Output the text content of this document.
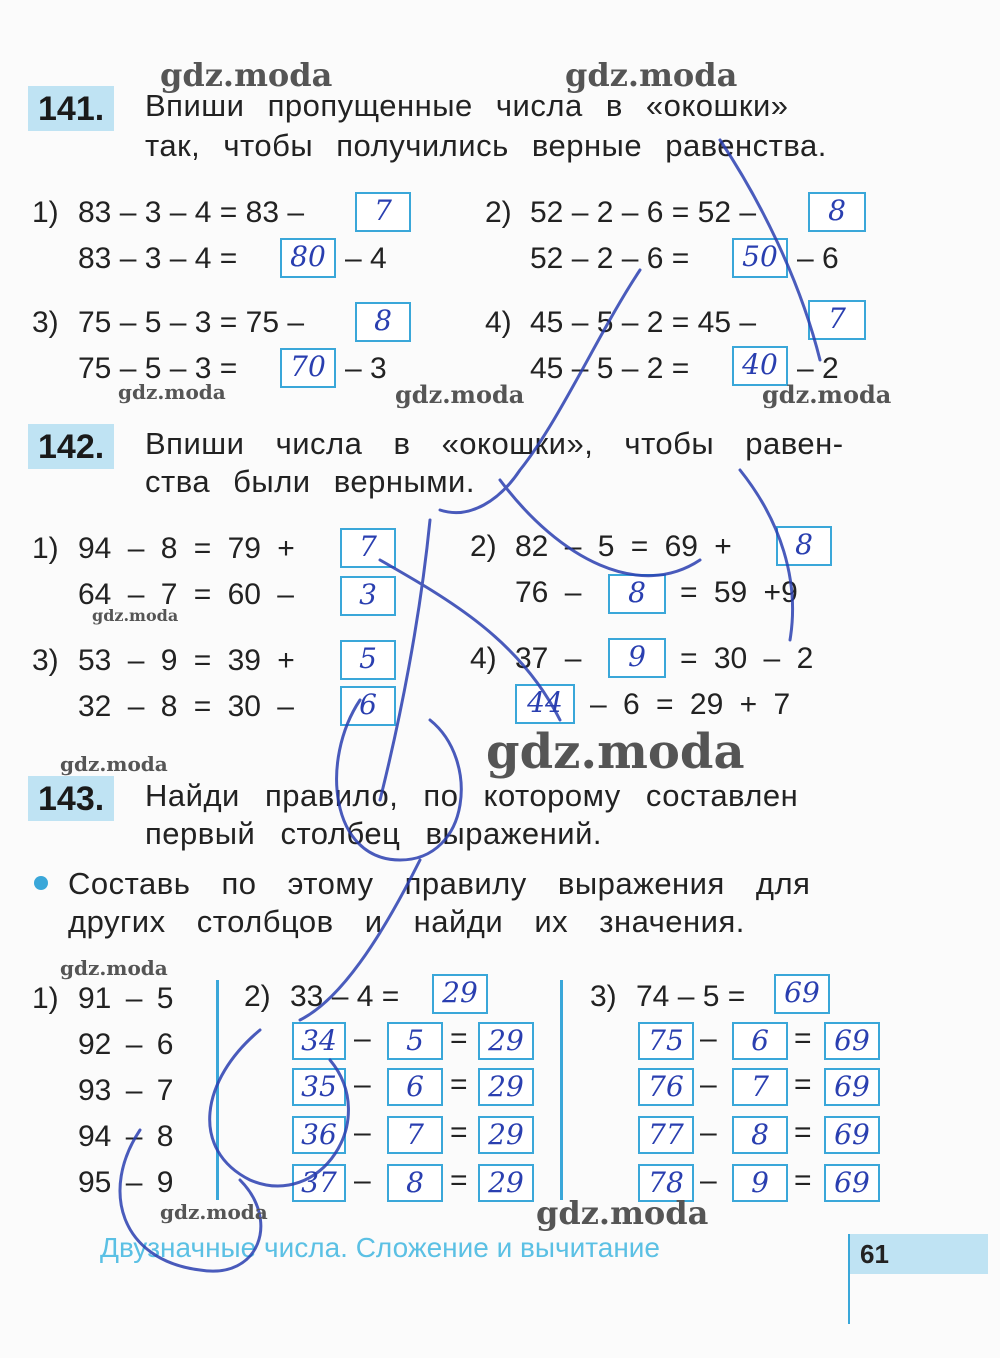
141.	Впиши пропущенные числа в «окошки»
так, чтобы получились верные равенства.
1) 83 – 3 – 4 = 83 –	7
83 – 3 – 4 =	80 – 4
2) 52 – 2 – 6 = 52 –	8
52 – 2 – 6 =	50 – 6
3) 75 – 5 – 3 = 75 –	8
75 – 5 – 3 =	70 – 3
4) 45 – 5 – 2 = 45 –	7
45 – 5 – 2 =	40 – 2
142.	Впиши числа в «окошки», чтобы равен-
ства были верными.
1) 94 – 8 = 79 +	7
64 – 7 = 60 –	3
2) 82 – 5 = 69 +	8
76 –	8	= 59 +9
3) 53 – 9 = 39 +	5
32 – 8 = 30 –	6
4) 37 –	9	= 30 – 2
44 – 6 = 29 + 7
143.	Найди правило, по которому составлен
первый столбец выражений.
Составь по этому правилу выражения для
других столбцов и найди их значения.
1) 91 – 5
92 – 6
93 – 7
94 – 8
95 – 9
2) 33 – 4 =	29
34 –	5 = 29
35 –	6 = 29
36 –	7 = 29
37 –	8 = 29
3) 74 – 5 =	69
75 –	6 = 69
76 –	7 = 69
77 –	8 = 69
78 –	9 = 69
Двузначные числа. Сложение и вычитание	61
gdz.moda	gdz.moda
gdz.moda	gdz.moda	gdz.moda
gdz.moda
gdz.moda
gdz.moda
gdz.moda
gdz.moda	gdz.moda
